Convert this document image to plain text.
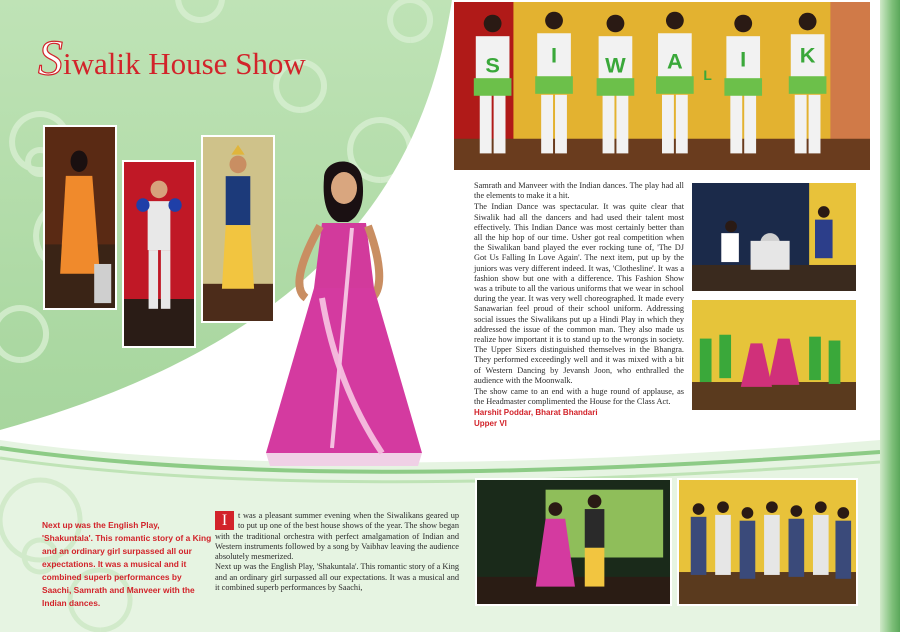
Siwalik House Show	S I W A
L
I K

Samrath and Manveer with the Indian dances. The play had all the elements to make it a hit.

The Indian Dance was spectacular. It was quite clear that Siwalik had all the dancers and had used their talent most effectively. This Indian Dance was most certainly better than all the hip hop of our time. Usher got real competition when the Siwalikan band played the ever rocking tune of, 'The DJ Got Us Falling In Love Again'. The next item, put up by the juniors was very different indeed. It was, 'Clothesline'. It was a fashion show but one with a difference. This Fashion Show was a tribute to all the various uniforms that we wear in school during the year. It was very well choreographed. It made every Sanawarian feel proud of their school uniform. Addressing social issues the Siwalikans put up a Hindi Play in which they addressed the issue of the common man. They also made us realize how important it is to stand up to the wrongs in society. The Upper Sixers distinguished themselves in the Bhangra. They performed exceedingly well and it was mixed with a bit of Western Dancing by Jevansh Joon, who enthralled the audience with the Moonwalk.

The show came to an end with a huge round of applause, as the Headmaster complimented the House for the Class Act.

Harshit Poddar, Bharat Bhandari
Upper VI
Next up was the English Play, 'Shakuntala'. This romantic story of a King and an ordinary girl surpassed all our expectations. It was a musical and it combined superb performances by Saachi, Samrath and Manveer with the Indian dances.
I	t was a pleasant summer evening when the Siwalikans geared up to put up one of the best house shows of the year. The show began with the traditional orchestra with perfect amalgamation of Indian and Western instruments followed by a song by Vaibhav leaving the audience absolutely mesmerized.

Next up was the English Play, 'Shakuntala'. This romantic story of a King and an ordinary girl surpassed all our expectations. It was a musical and it combined superb performances by Saachi,
